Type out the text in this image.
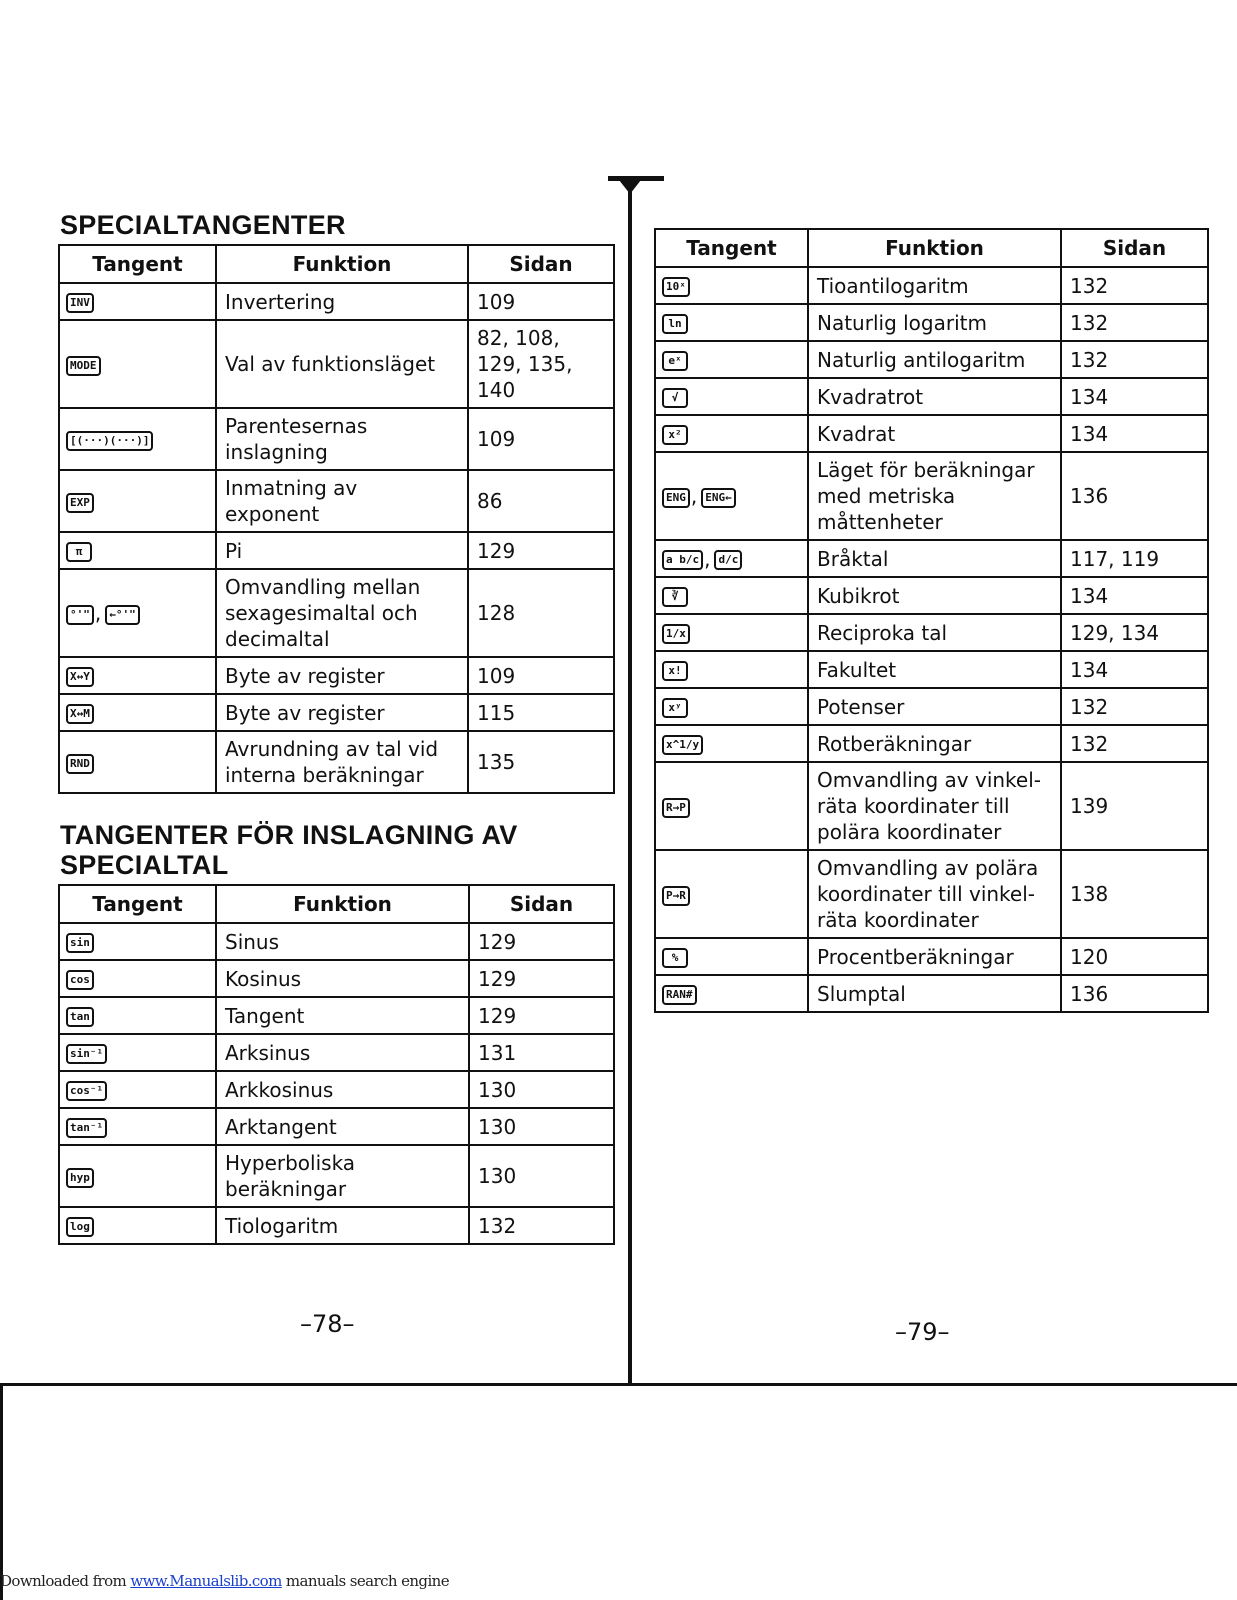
SPECIALTANGENTER
Tangent	Funktion	Sidan
INV	Invertering	109
MODE	Val av funktionsläget	82, 108,
129, 135,
140
[(···)(···)]	Parentesernas
inslagning	109
EXP	Inmatning av
exponent	86
π	Pi	129
°'" , ←°'"	Omvandling mellan
sexagesimaltal och
decimaltal	128
X↔Y	Byte av register	109
X↔M	Byte av register	115
RND	Avrundning av tal vid
interna beräkningar	135
TANGENTER FÖR INSLAGNING AV
SPECIALTAL
Tangent	Funktion	Sidan
sin	Sinus	129
cos	Kosinus	129
tan	Tangent	129
sin⁻¹	Arksinus	131
cos⁻¹	Arkkosinus	130
tan⁻¹	Arktangent	130
hyp	Hyperboliska
beräkningar	130
log	Tiologaritm	132
Tangent	Funktion	Sidan
10ˣ	Tioantilogaritm	132
ln	Naturlig logaritm	132
eˣ	Naturlig antilogaritm	132
√	Kvadratrot	134
x²	Kvadrat	134
ENG , ENG←	Läget för beräkningar
med metriska
måttenheter	136
a b/c , d/c	Bråktal	117, 119
∛	Kubikrot	134
1/x	Reciproka tal	129, 134
x!	Fakultet	134
xʸ	Potenser	132
x^1/y	Rotberäkningar	132
R→P	Omvandling av vinkel-
räta koordinater till
polära koordinater	139
P→R	Omvandling av polära
koordinater till vinkel-
räta koordinater	138
%	Procentberäkningar	120
RAN#	Slumptal	136
–78–	–79–
Downloaded from www.Manualslib.com manuals search engine
